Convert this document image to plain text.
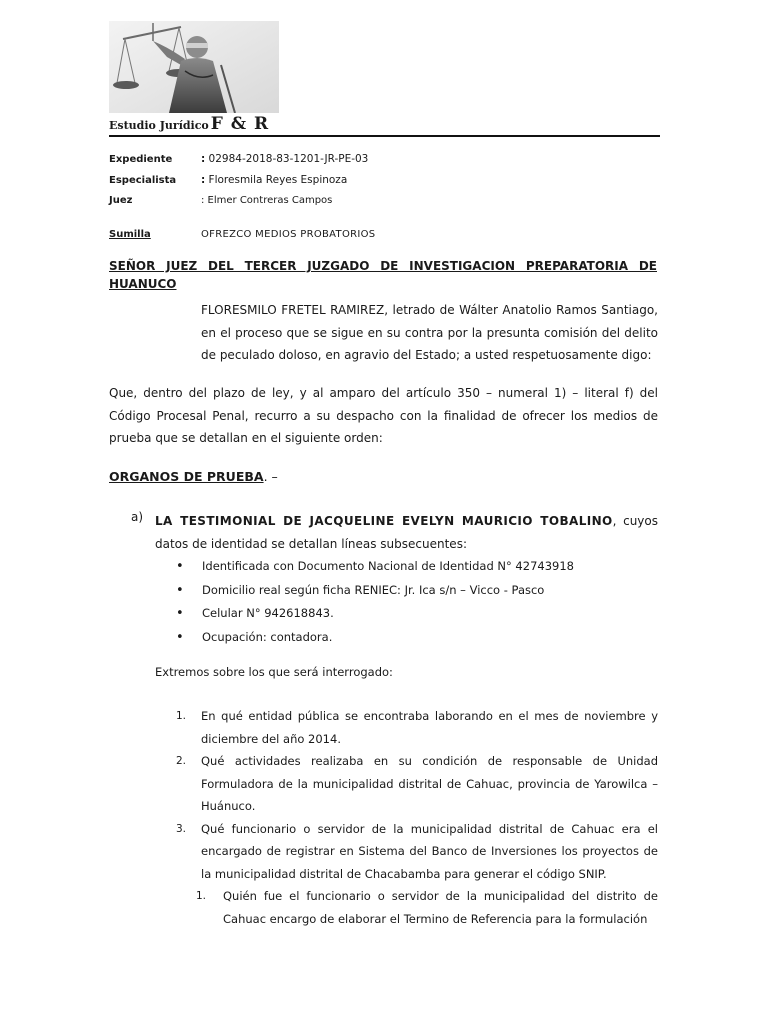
Estudio Jurídico F & R
Expediente	: 02984-2018-83-1201-JR-PE-03
Especialista : Floresmila Reyes Espinoza
Juez	: Elmer Contreras Campos
Sumilla	OFREZCO MEDIOS PROBATORIOS
SEÑOR JUEZ DEL TERCER JUZGADO DE INVESTIGACION PREPARATORIA DE HUANUCO
FLORESMILO FRETEL RAMIREZ, letrado de Wálter Anatolio Ramos Santiago, en el proceso que se sigue en su contra por la presunta comisión del delito de peculado doloso, en agravio del Estado; a usted respetuosamente digo:
Que, dentro del plazo de ley, y al amparo del artículo 350 – numeral 1) – literal f) del Código Procesal Penal, recurro a su despacho con la finalidad de ofrecer los medios de prueba que se detallan en el siguiente orden:
ORGANOS DE PRUEBA. –
a) LA TESTIMONIAL DE JACQUELINE EVELYN MAURICIO TOBALINO, cuyos datos de identidad se detallan líneas subsecuentes:
• Identificada con Documento Nacional de Identidad N° 42743918
• Domicilio real según ficha RENIEC: Jr. Ica s/n – Vicco - Pasco
• Celular N° 942618843.
• Ocupación: contadora.
Extremos sobre los que será interrogado:
1. En qué entidad pública se encontraba laborando en el mes de noviembre y diciembre del año 2014.
2. Qué actividades realizaba en su condición de responsable de Unidad Formuladora de la municipalidad distrital de Cahuac, provincia de Yarowilca – Huánuco.
3. Qué funcionario o servidor de la municipalidad distrital de Cahuac era el encargado de registrar en Sistema del Banco de Inversiones los proyectos de la municipalidad distrital de Chacabamba para generar el código SNIP.
1. Quién fue el funcionario o servidor de la municipalidad del distrito de Cahuac encargo de elaborar el Termino de Referencia para la formulación
